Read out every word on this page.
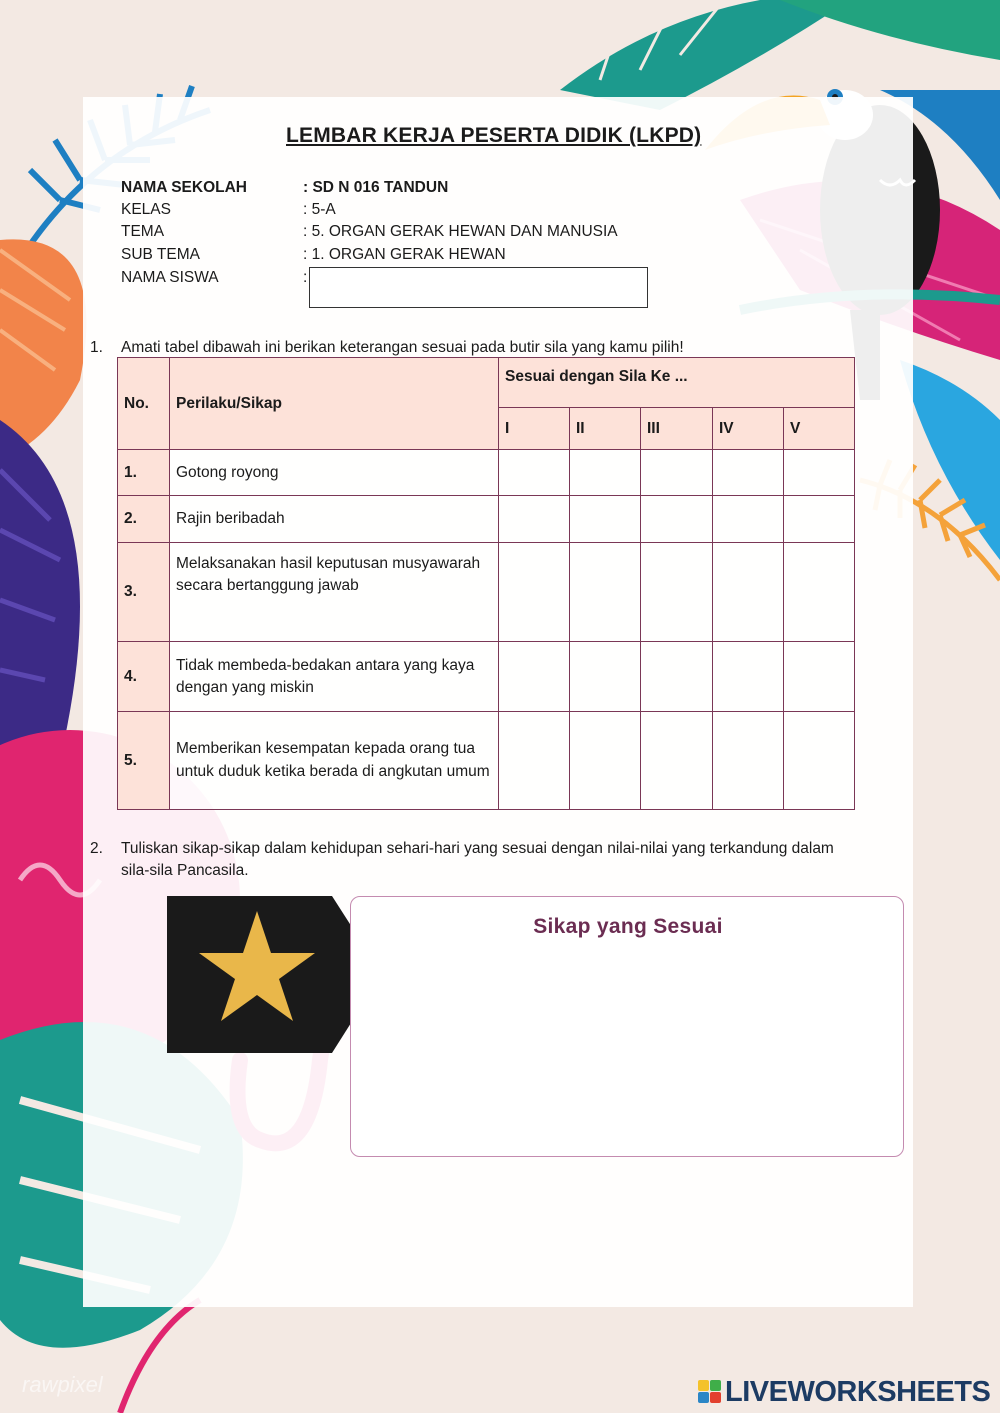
LEMBAR KERJA PESERTA DIDIK (LKPD)
NAMA SEKOLAH	: SD N 016 TANDUN
KELAS	: 5-A
TEMA	: 5. ORGAN GERAK HEWAN DAN MANUSIA
SUB TEMA	: 1. ORGAN GERAK HEWAN
NAMA SISWA	:
1. Amati tabel dibawah ini berikan keterangan sesuai pada butir sila yang kamu pilih!
No.	Perilaku/Sikap	Sesuai dengan Sila Ke ...				
		I	II	III	IV	V
1.	Gotong royong					
2.	Rajin beribadah					
3.	Melaksanakan hasil keputusan musyawarah secara bertanggung jawab					
4.	Tidak membeda-bedakan antara yang kaya dengan yang miskin					
5.	Memberikan kesempatan kepada orang tua untuk duduk ketika berada di angkutan umum					
2. Tuliskan sikap-sikap dalam kehidupan sehari-hari yang sesuai dengan nilai-nilai yang terkandung dalam sila-sila Pancasila.
Sikap yang Sesuai
rawpixel	LIVEWORKSHEETS
